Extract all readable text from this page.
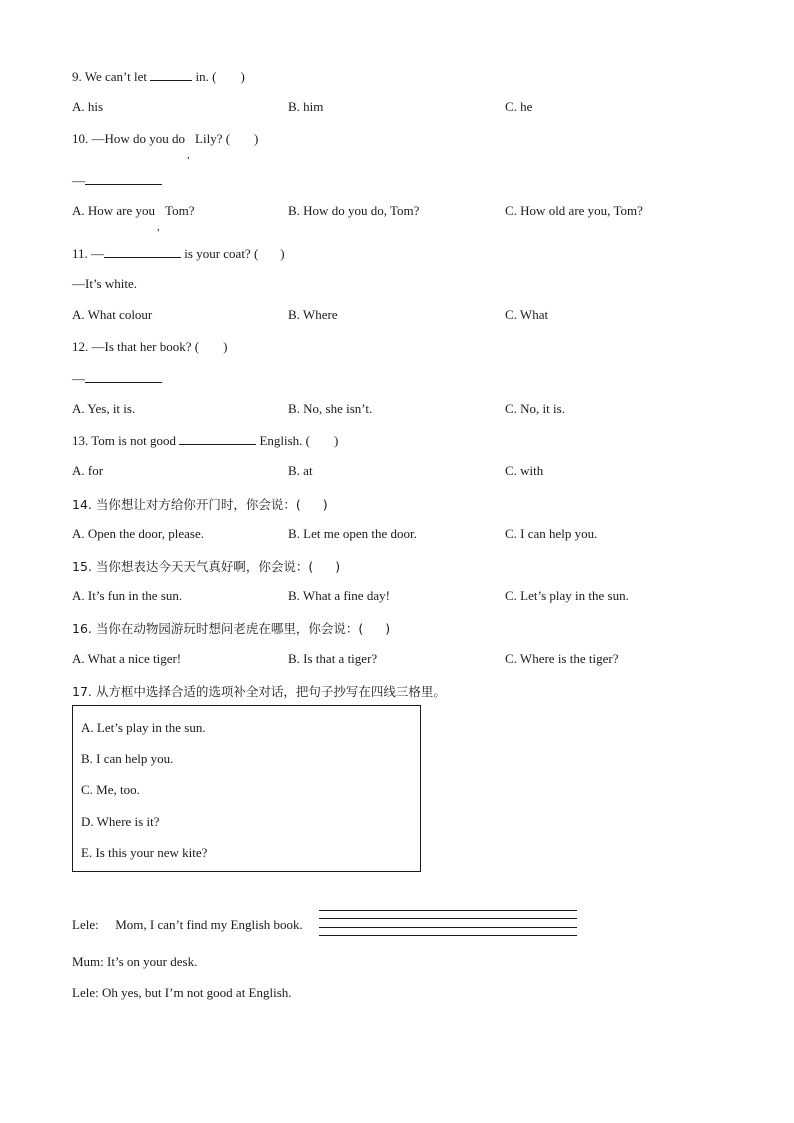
9. We can’t let	in. ( )
A. his	B. him	C. he
10. —How do you do Lily? ( )
—
A. How are you Tom?	B. How do you do, Tom?	C. How old are you, Tom?
11. —	is your coat? ( )
—It’s white.
A. What colour	B. Where	C. What
12. —Is that her book? ( )
—
A. Yes, it is.	B. No, she isn’t.	C. No, it is.
13. Tom is not good	English. ( )
A. for	B. at	C. with
14. 当你想让对方给你开门时，你会说：( )
A. Open the door, please.	B. Let me open the door.	C. I can help you.
15. 当你想表达今天天气真好啊，你会说：( )
A. It’s fun in the sun.	B. What a fine day!	C. Let’s play in the sun.
16. 当你在动物园游玩时想问老虎在哪里，你会说：( )
A. What a nice tiger!	B. Is that a tiger?	C. Where is the tiger?
17. 从方框中选择合适的选项补全对话，把句子抄写在四线三格里。
A. Let’s play in the sun.
B. I can help you.
C. Me, too.
D. Where is it?
E. Is this your new kite?
Lele: Mom, I can’t find my English book.
Mum: It’s on your desk.
Lele: Oh yes, but I’m not good at English.
